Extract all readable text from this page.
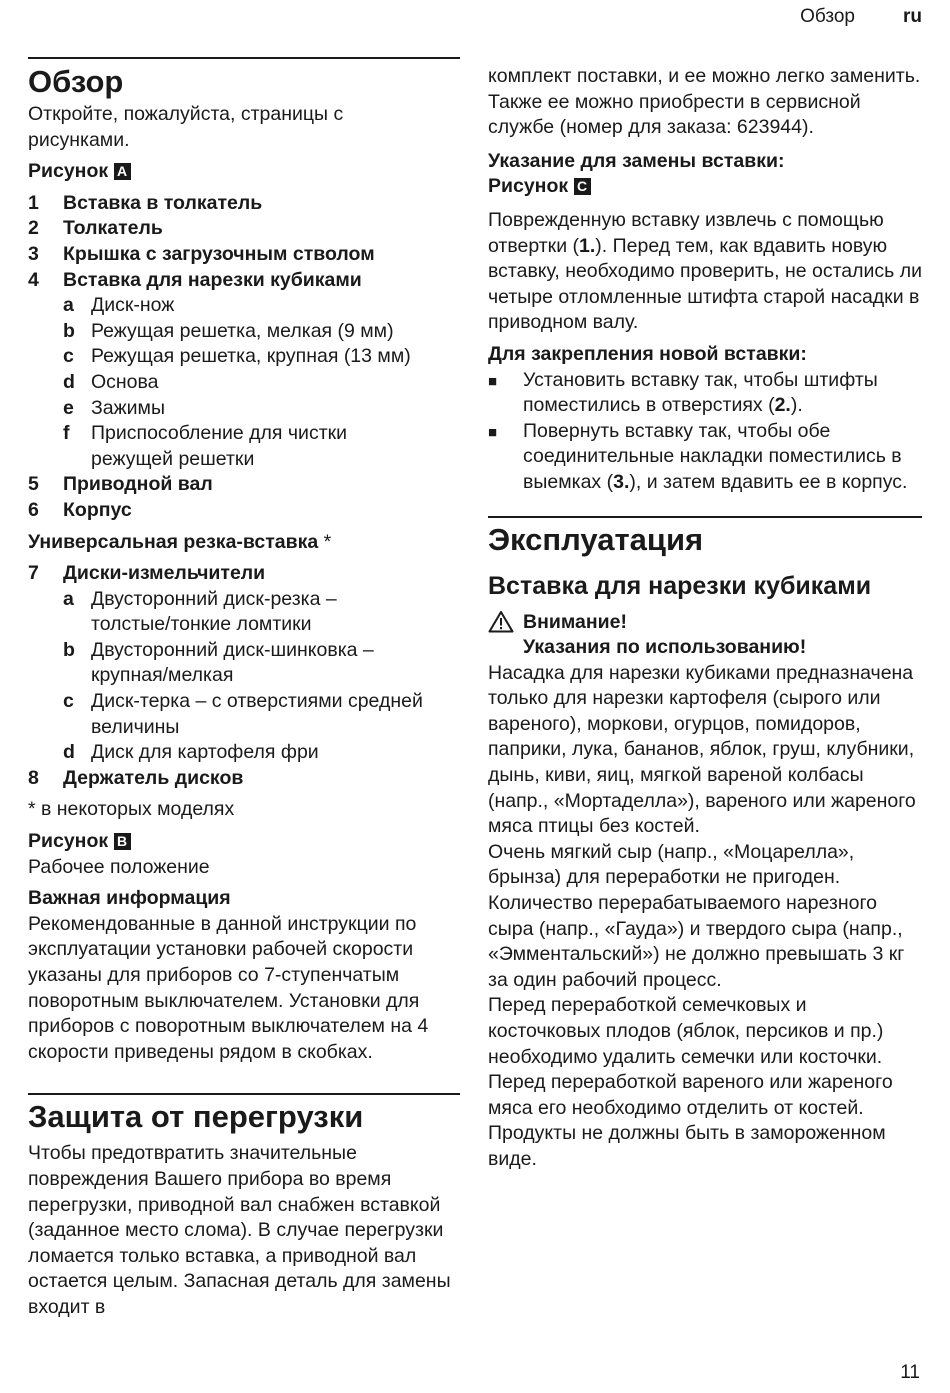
Обзор	ru
Обзор

Откройте, пожалуйста, страницы с рисунками.

Рисунок A

1	Вставка в толкатель
2	Толкатель
3	Крышка с загрузочным стволом
4	Вставка для нарезки кубиками
a Диск-нож
b Режущая решетка, мелкая (9 мм)
c Режущая решетка, крупная (13 мм)
d Основа
e Зажимы
f	Приспособление для чистки режущей решетки
5	Приводной вал
6	Корпус

Универсальная резка-вставка *

7	Диски-измельчители
a Двусторонний диск-резка – толстые/тонкие ломтики
b Двусторонний диск-шинковка – крупная/мелкая
c Диск-терка – с отверстиями средней величины
d Диск для картофеля фри
8	Держатель дисков

* в некоторых моделях

Рисунок B

Рабочее положение

Важная информация

Рекомендованные в данной инструкции по эксплуатации установки рабочей скорости указаны для приборов со 7-ступенчатым поворотным выключателем. Установки для приборов с поворотным выключателем на 4 скорости приведены рядом в скобках.

Защита от перегрузки

Чтобы предотвратить значительные повреждения Вашего прибора во время перегрузки, приводной вал снабжен вставкой (заданное место слома). В случае перегрузки ломается только вставка, а приводной вал остается целым. Запасная деталь для замены входит в

комплект поставки, и ее можно легко заменить. Также ее можно приобрести в сервисной службе (номер для заказа: 623944).

Указание для замены вставки:

Рисунок C

Поврежденную вставку извлечь с помощью отвертки (1.). Перед тем, как вдавить новую вставку, необходимо проверить, не остались ли четыре отломленные штифта старой насадки в приводном валу.

Для закрепления новой вставки:

■	Установить вставку так, чтобы штифты поместились в отверстиях (2.).
■	Повернуть вставку так, чтобы обе соединительные накладки поместились в выемках (3.), и затем вдавить ее в корпус.
Эксплуатация
Вставка для нарезки кубиками
Внимание!
Указания по использованию!

Насадка для нарезки кубиками предназначена только для нарезки картофеля (сырого или вареного), моркови, огурцов, помидоров, паприки, лука, бананов, яблок, груш, клубники, дынь, киви, яиц, мягкой вареной колбасы (напр., «Мортаделла»), вареного или жареного мяса птицы без костей.

Очень мягкий сыр (напр., «Моцарелла», брынза) для переработки не пригоден. Количество перерабатываемого нарезного сыра (напр., «Гауда») и твердого сыра (напр., «Эмментальский») не должно превышать 3 кг за один рабочий процесс.

Перед переработкой семечковых и косточковых плодов (яблок, персиков и пр.) необходимо удалить семечки или косточки. Перед переработкой вареного или жареного мяса его необходимо отделить от костей.

Продукты не должны быть в замороженном виде.

11
